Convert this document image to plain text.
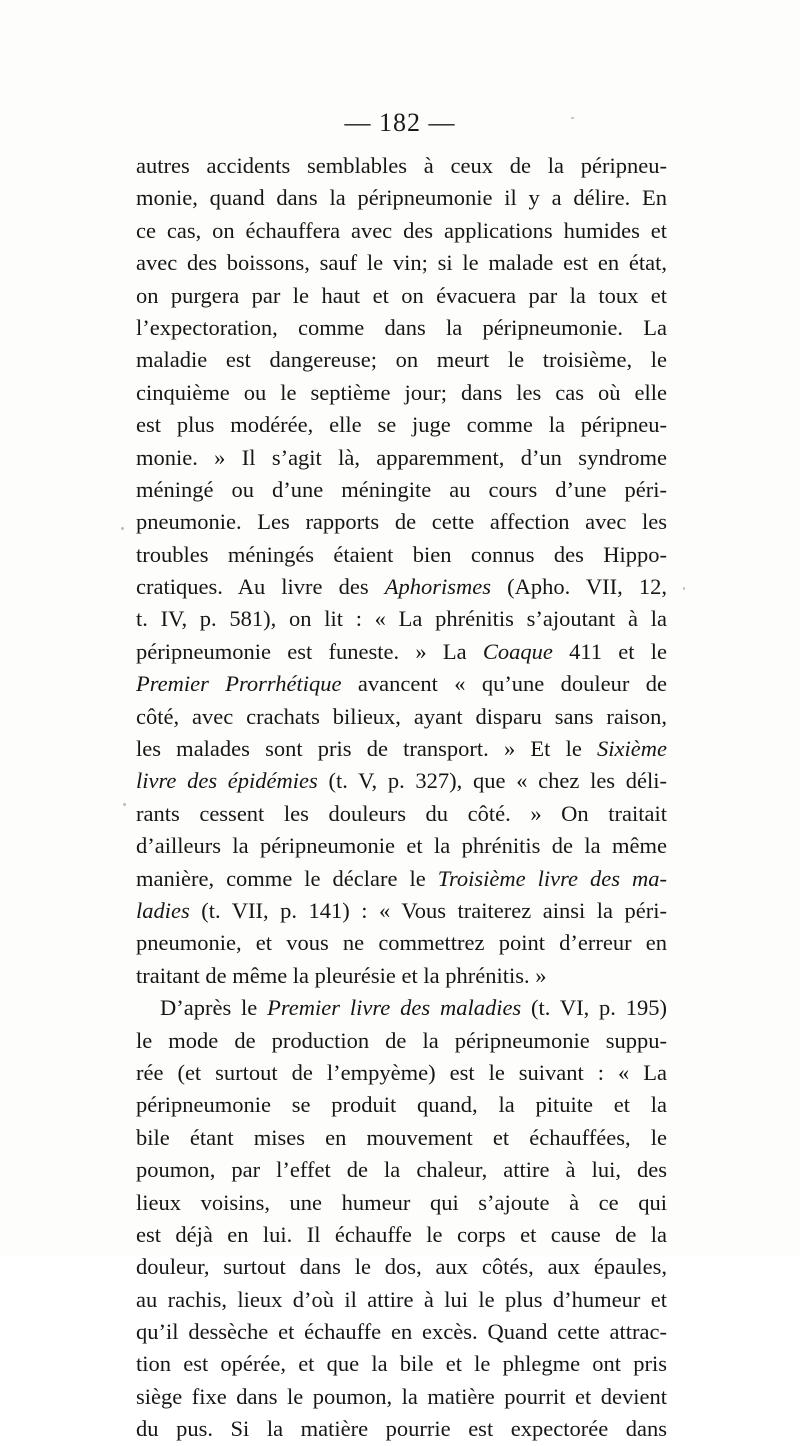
— 182 —
autres accidents semblables à ceux de la péripneu-
monie, quand dans la péripneumonie il y a délire. En
ce cas, on échauffera avec des applications humides et
avec des boissons, sauf le vin; si le malade est en état,
on purgera par le haut et on évacuera par la toux et
l’expectoration, comme dans la péripneumonie. La
maladie est dangereuse; on meurt le troisième, le
cinquième ou le septième jour; dans les cas où elle
est plus modérée, elle se juge comme la péripneu-
monie. » Il s’agit là, apparemment, d’un syndrome
méningé ou d’une méningite au cours d’une péri-
pneumonie. Les rapports de cette affection avec les
troubles méningés étaient bien connus des Hippo-
cratiques. Au livre des Aphorismes (Apho. VII, 12,
t. IV, p. 581), on lit : « La phrénitis s’ajoutant à la
péripneumonie est funeste. » La Coaque 411 et le
Premier Prorrhétique avancent « qu’une douleur de
côté, avec crachats bilieux, ayant disparu sans raison,
les malades sont pris de transport. » Et le Sixième
livre des épidémies (t. V, p. 327), que « chez les déli-
rants cessent les douleurs du côté. » On traitait
d’ailleurs la péripneumonie et la phrénitis de la même
manière, comme le déclare le Troisième livre des ma-
ladies (t. VII, p. 141) : « Vous traiterez ainsi la péri-
pneumonie, et vous ne commettrez point d’erreur en
traitant de même la pleurésie et la phrénitis. »
D’après le Premier livre des maladies (t. VI, p. 195)
le mode de production de la péripneumonie suppu-
rée (et surtout de l’empyème) est le suivant : « La
péripneumonie se produit quand, la pituite et la
bile étant mises en mouvement et échauffées, le
poumon, par l’effet de la chaleur, attire à lui, des
lieux voisins, une humeur qui s’ajoute à ce qui
est déjà en lui. Il échauffe le corps et cause de la
douleur, surtout dans le dos, aux côtés, aux épaules,
au rachis, lieux d’où il attire à lui le plus d’humeur et
qu’il dessèche et échauffe en excès. Quand cette attrac-
tion est opérée, et que la bile et le phlegme ont pris
siège fixe dans le poumon, la matière pourrit et devient
du pus. Si la matière pourrie est expectorée dans
